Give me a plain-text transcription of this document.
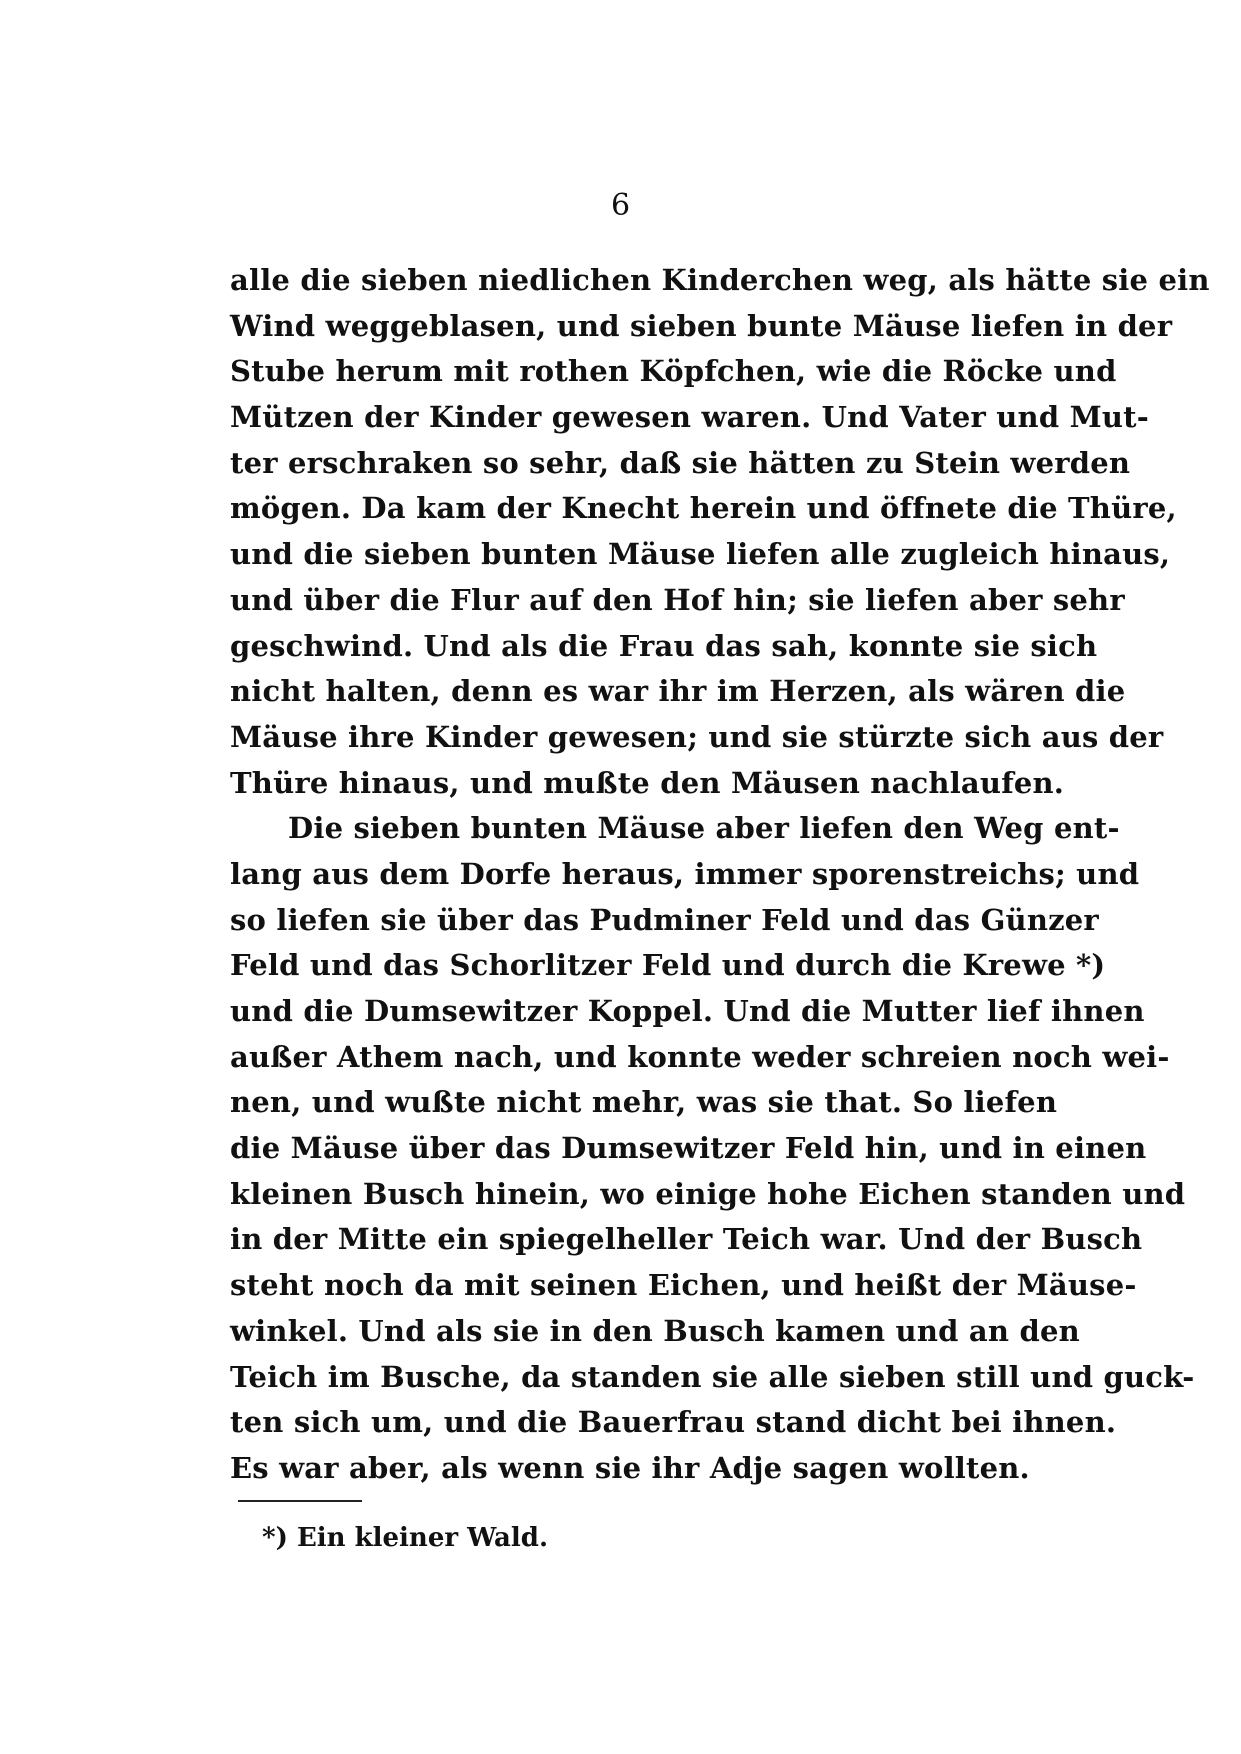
6
alle die sieben niedlichen Kinderchen weg, als hätte sie ein
Wind weggeblasen, und sieben bunte Mäuse liefen in der
Stube herum mit rothen Köpfchen, wie die Röcke und
Mützen der Kinder gewesen waren. Und Vater und Mut-
ter erschraken so sehr, daß sie hätten zu Stein werden
mögen. Da kam der Knecht herein und öffnete die Thüre,
und die sieben bunten Mäuse liefen alle zugleich hinaus,
und über die Flur auf den Hof hin; sie liefen aber sehr
geschwind. Und als die Frau das sah, konnte sie sich
nicht halten, denn es war ihr im Herzen, als wären die
Mäuse ihre Kinder gewesen; und sie stürzte sich aus der
Thüre hinaus, und mußte den Mäusen nachlaufen.
Die sieben bunten Mäuse aber liefen den Weg ent-
lang aus dem Dorfe heraus, immer sporenstreichs; und
so liefen sie über das Pudminer Feld und das Günzer
Feld und das Schorlitzer Feld und durch die Krewe *)
und die Dumsewitzer Koppel. Und die Mutter lief ihnen
außer Athem nach, und konnte weder schreien noch wei-
nen, und wußte nicht mehr, was sie that. So liefen
die Mäuse über das Dumsewitzer Feld hin, und in einen
kleinen Busch hinein, wo einige hohe Eichen standen und
in der Mitte ein spiegelheller Teich war. Und der Busch
steht noch da mit seinen Eichen, und heißt der Mäuse-
winkel. Und als sie in den Busch kamen und an den
Teich im Busche, da standen sie alle sieben still und guck-
ten sich um, und die Bauerfrau stand dicht bei ihnen.
Es war aber, als wenn sie ihr Adje sagen wollten.
*) Ein kleiner Wald.
